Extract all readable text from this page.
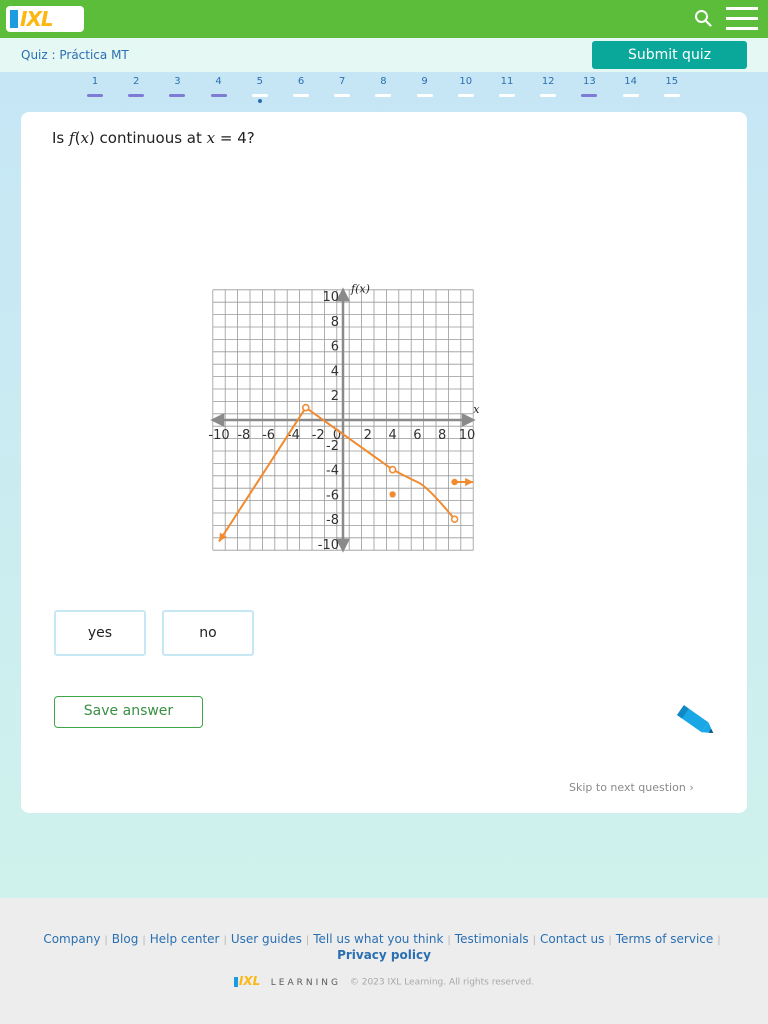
IXL
Quiz : Práctica MT	Submit quiz
1	2	3	4	5	6	7	8	9	10	11	12	13	14	15
Is f(x) continuous at x = 4?
-10 -8 -6 -4 -2 0 2 4 6 8 10
-10
-8
-6
-4
-2
2
4
6
8
10
x
f(x)
yes	no
Save answer
Skip to next question ›
Company | Blog | Help center | User guides | Tell us what you think | Testimonials | Contact us | Terms of service |
Privacy policy
IXL LEARNING © 2023 IXL Learning. All rights reserved.
